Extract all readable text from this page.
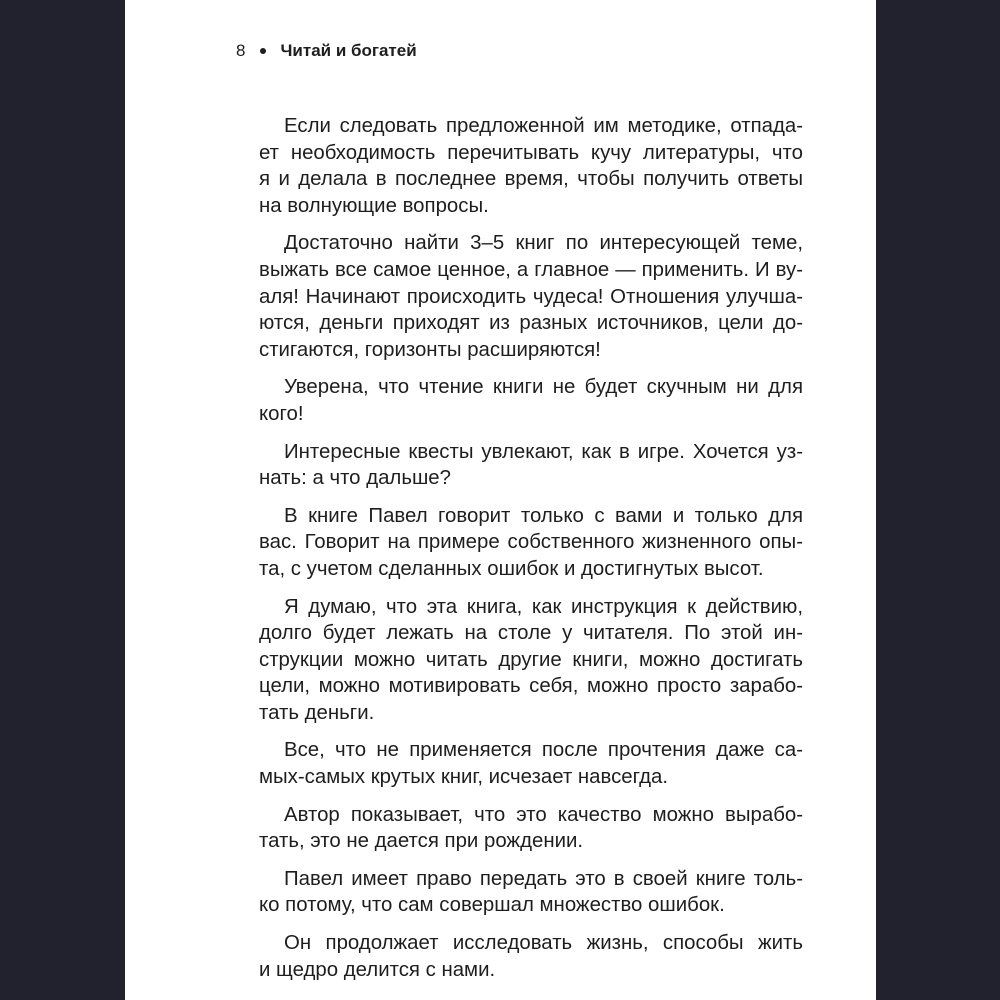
8 Читай и богатей
Если следовать предложенной им методике, отпада-
ет необходимость перечитывать кучу литературы, что
я и делала в последнее время, чтобы получить ответы
на волнующие вопросы.
Достаточно найти 3–5 книг по интересующей теме,
выжать все самое ценное, а главное — применить. И ву-
аля! Начинают происходить чудеса! Отношения улучша-
ются, деньги приходят из разных источников, цели до-
стигаются, горизонты расширяются!
Уверена, что чтение книги не будет скучным ни для
кого!
Интересные квесты увлекают, как в игре. Хочется уз-
нать: а что дальше?
В книге Павел говорит только с вами и только для
вас. Говорит на примере собственного жизненного опы-
та, с учетом сделанных ошибок и достигнутых высот.
Я думаю, что эта книга, как инструкция к действию,
долго будет лежать на столе у читателя. По этой ин-
струкции можно читать другие книги, можно достигать
цели, можно мотивировать себя, можно просто зарабо-
тать деньги.
Все, что не применяется после прочтения даже са-
мых-самых крутых книг, исчезает навсегда.
Автор показывает, что это качество можно вырабо-
тать, это не дается при рождении.
Павел имеет право передать это в своей книге толь-
ко потому, что сам совершал множество ошибок.
Он продолжает исследовать жизнь, способы жить
и щедро делится с нами.
